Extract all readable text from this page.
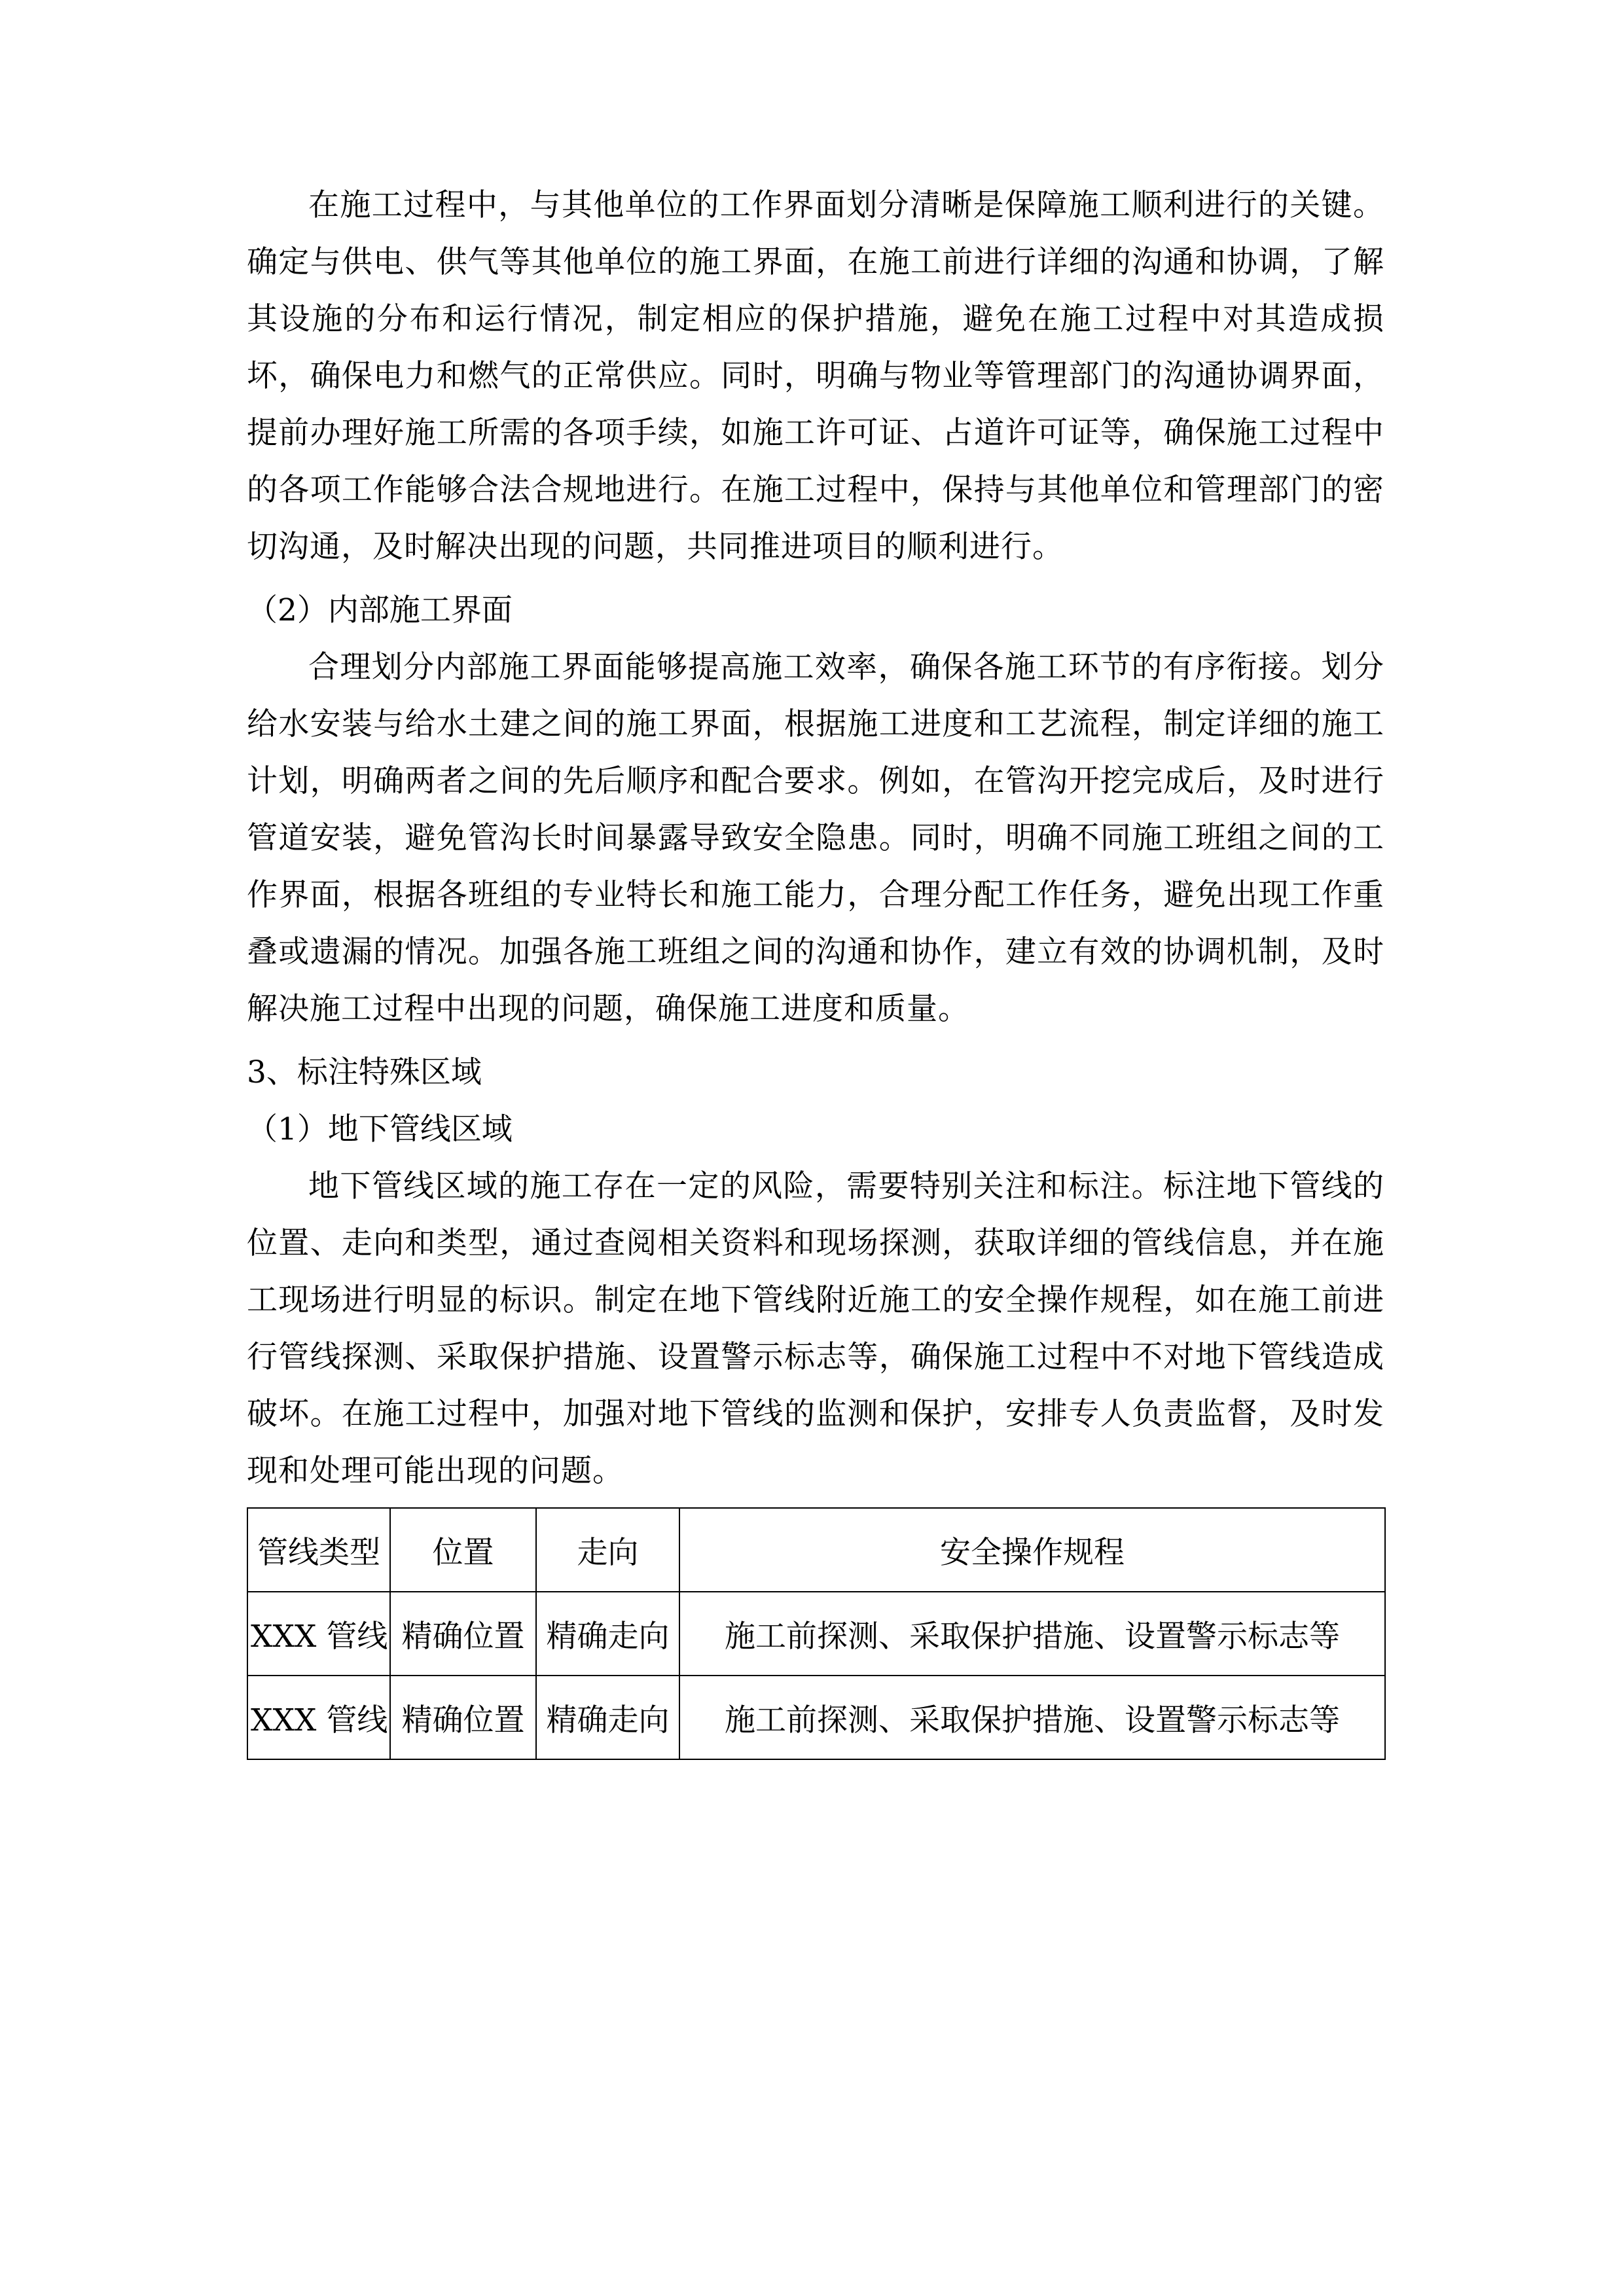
在施工过程中，与其他单位的工作界面划分清晰是保障施工顺利进行的关键。确定与供电、供气等其他单位的施工界面，在施工前进行详细的沟通和协调，了解其设施的分布和运行情况，制定相应的保护措施，避免在施工过程中对其造成损坏，确保电力和燃气的正常供应。同时，明确与物业等管理部门的沟通协调界面，提前办理好施工所需的各项手续，如施工许可证、占道许可证等，确保施工过程中的各项工作能够合法合规地进行。在施工过程中，保持与其他单位和管理部门的密切沟通，及时解决出现的问题，共同推进项目的顺利进行。

（2）内部施工界面

合理划分内部施工界面能够提高施工效率，确保各施工环节的有序衔接。划分给水安装与给水土建之间的施工界面，根据施工进度和工艺流程，制定详细的施工计划，明确两者之间的先后顺序和配合要求。例如，在管沟开挖完成后，及时进行管道安装，避免管沟长时间暴露导致安全隐患。同时，明确不同施工班组之间的工作界面，根据各班组的专业特长和施工能力，合理分配工作任务，避免出现工作重叠或遗漏的情况。加强各施工班组之间的沟通和协作，建立有效的协调机制，及时解决施工过程中出现的问题，确保施工进度和质量。

3、标注特殊区域

（1）地下管线区域

地下管线区域的施工存在一定的风险，需要特别关注和标注。标注地下管线的位置、走向和类型，通过查阅相关资料和现场探测，获取详细的管线信息，并在施工现场进行明显的标识。制定在地下管线附近施工的安全操作规程，如在施工前进行管线探测、采取保护措施、设置警示标志等，确保施工过程中不对地下管线造成破坏。在施工过程中，加强对地下管线的监测和保护，安排专人负责监督，及时发现和处理可能出现的问题。

管线类型	位置	走向	安全操作规程
XXX 管线	精确位置	精确走向	施工前探测、采取保护措施、设置警示标志等
XXX 管线	精确位置	精确走向	施工前探测、采取保护措施、设置警示标志等
